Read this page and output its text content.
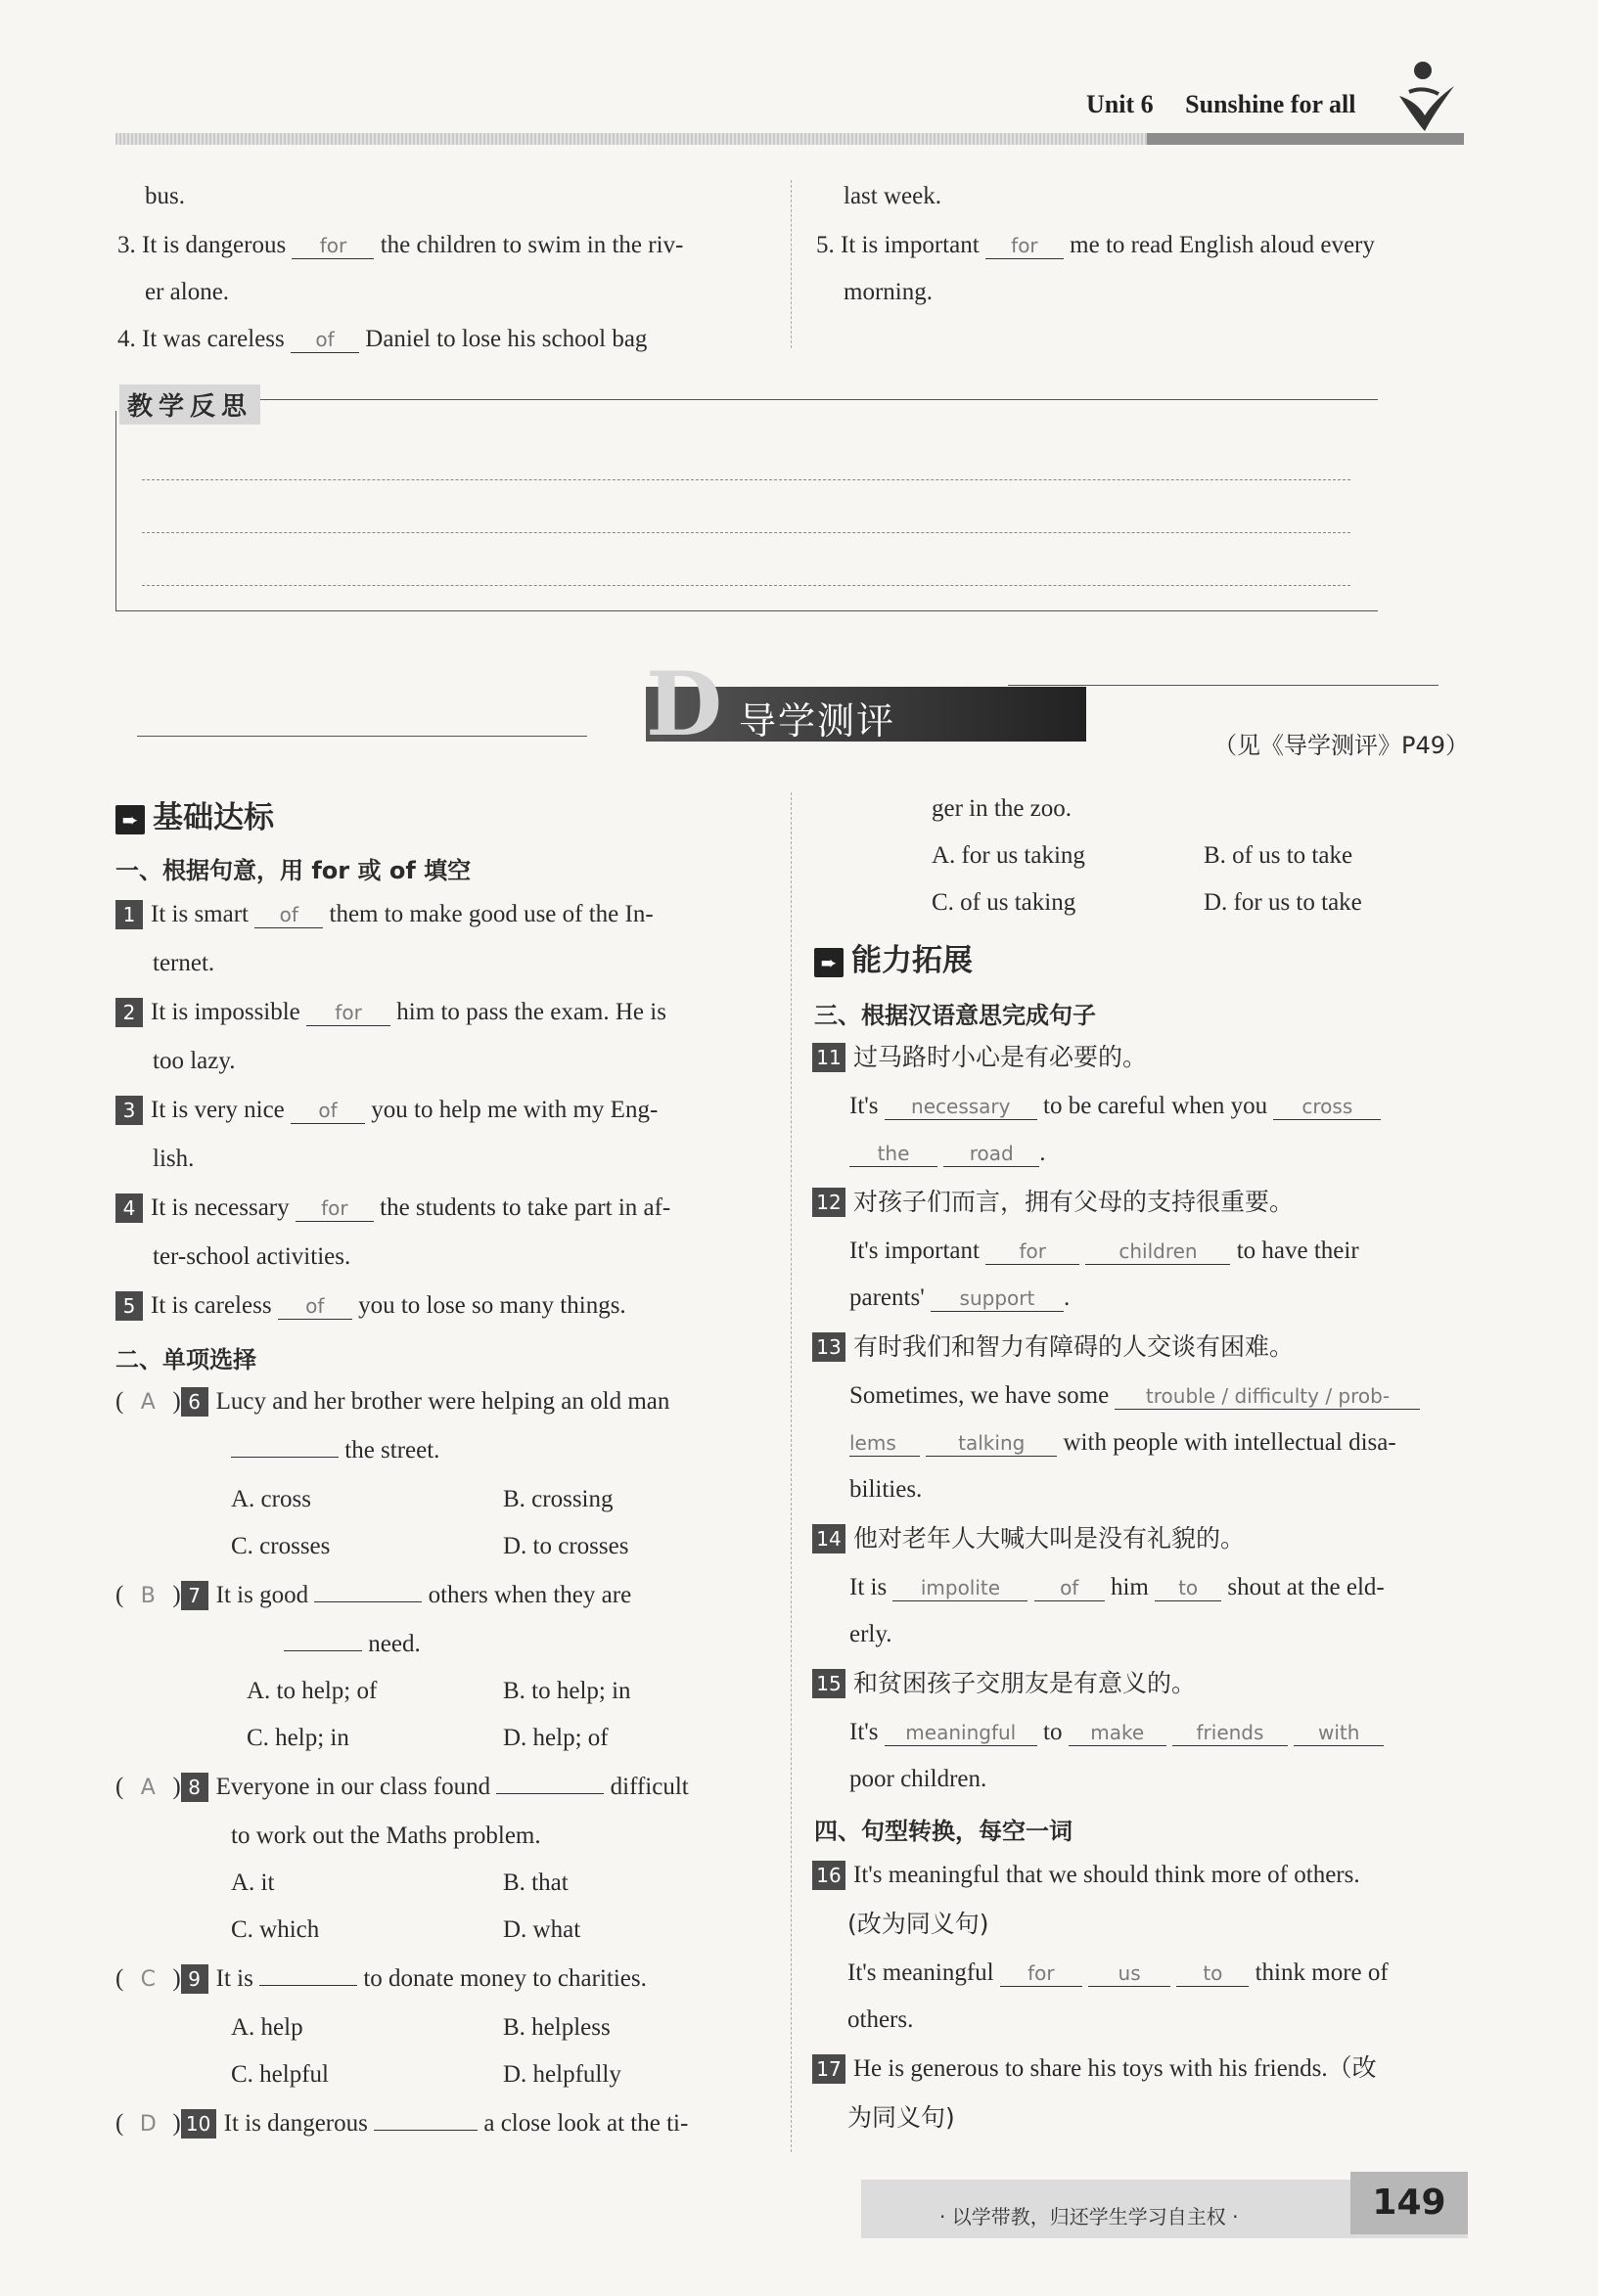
Unit 6 Sunshine for all
bus.
3. It is dangerous for the children to swim in the riv-
er alone.
4. It was careless of Daniel to lose his school bag
last week.
5. It is important for me to read English aloud every
morning.
教学反思
D 导学测评
（见《导学测评》P49）
➨ 基础达标
一、根据句意，用 for 或 of 填空
1 It is smart of them to make good use of the In-
ternet.
2 It is impossible for him to pass the exam. He is
too lazy.
3 It is very nice of you to help me with my Eng-
lish.
4 It is necessary for the students to take part in af-
ter-school activities.
5 It is careless of you to lose so many things.
二、单项选择
( A ) 6 Lucy and her brother were helping an old man
the street.
A. cross	B. crossing
C. crosses	D. to crosses
( B ) 7 It is good	others when they are
need.
A. to help; of	B. to help; in
C. help; in	D. help; of
( A ) 8 Everyone in our class found	difficult
to work out the Maths problem.
A. it	B. that
C. which	D. what
( C ) 9 It is	to donate money to charities.
A. help	B. helpless
C. helpful	D. helpfully
( D ) 10 It is dangerous	a close look at the ti-
ger in the zoo.
A. for us taking	B. of us to take
C. of us taking	D. for us to take
➨ 能力拓展
三、根据汉语意思完成句子
11 过马路时小心是有必要的。
It's necessary to be careful when you cross
the	road .
12 对孩子们而言，拥有父母的支持很重要。
It's important for	children to have their
parents' support .
13 有时我们和智力有障碍的人交谈有困难。
Sometimes, we have some trouble / difficulty / prob-
lems	talking with people with intellectual disa-
bilities.
14 他对老年人大喊大叫是没有礼貌的。
It is impolite	of him to shout at the eld-
erly.
15 和贫困孩子交朋友是有意义的。
It's meaningful to make	friends	with
poor children.
四、句型转换，每空一词
16 It's meaningful that we should think more of others.
(改为同义句)
It's meaningful for	us	to think more of
others.
17 He is generous to share his toys with his friends.（改
为同义句)
· 以学带教，归还学生学习自主权 ·	149
